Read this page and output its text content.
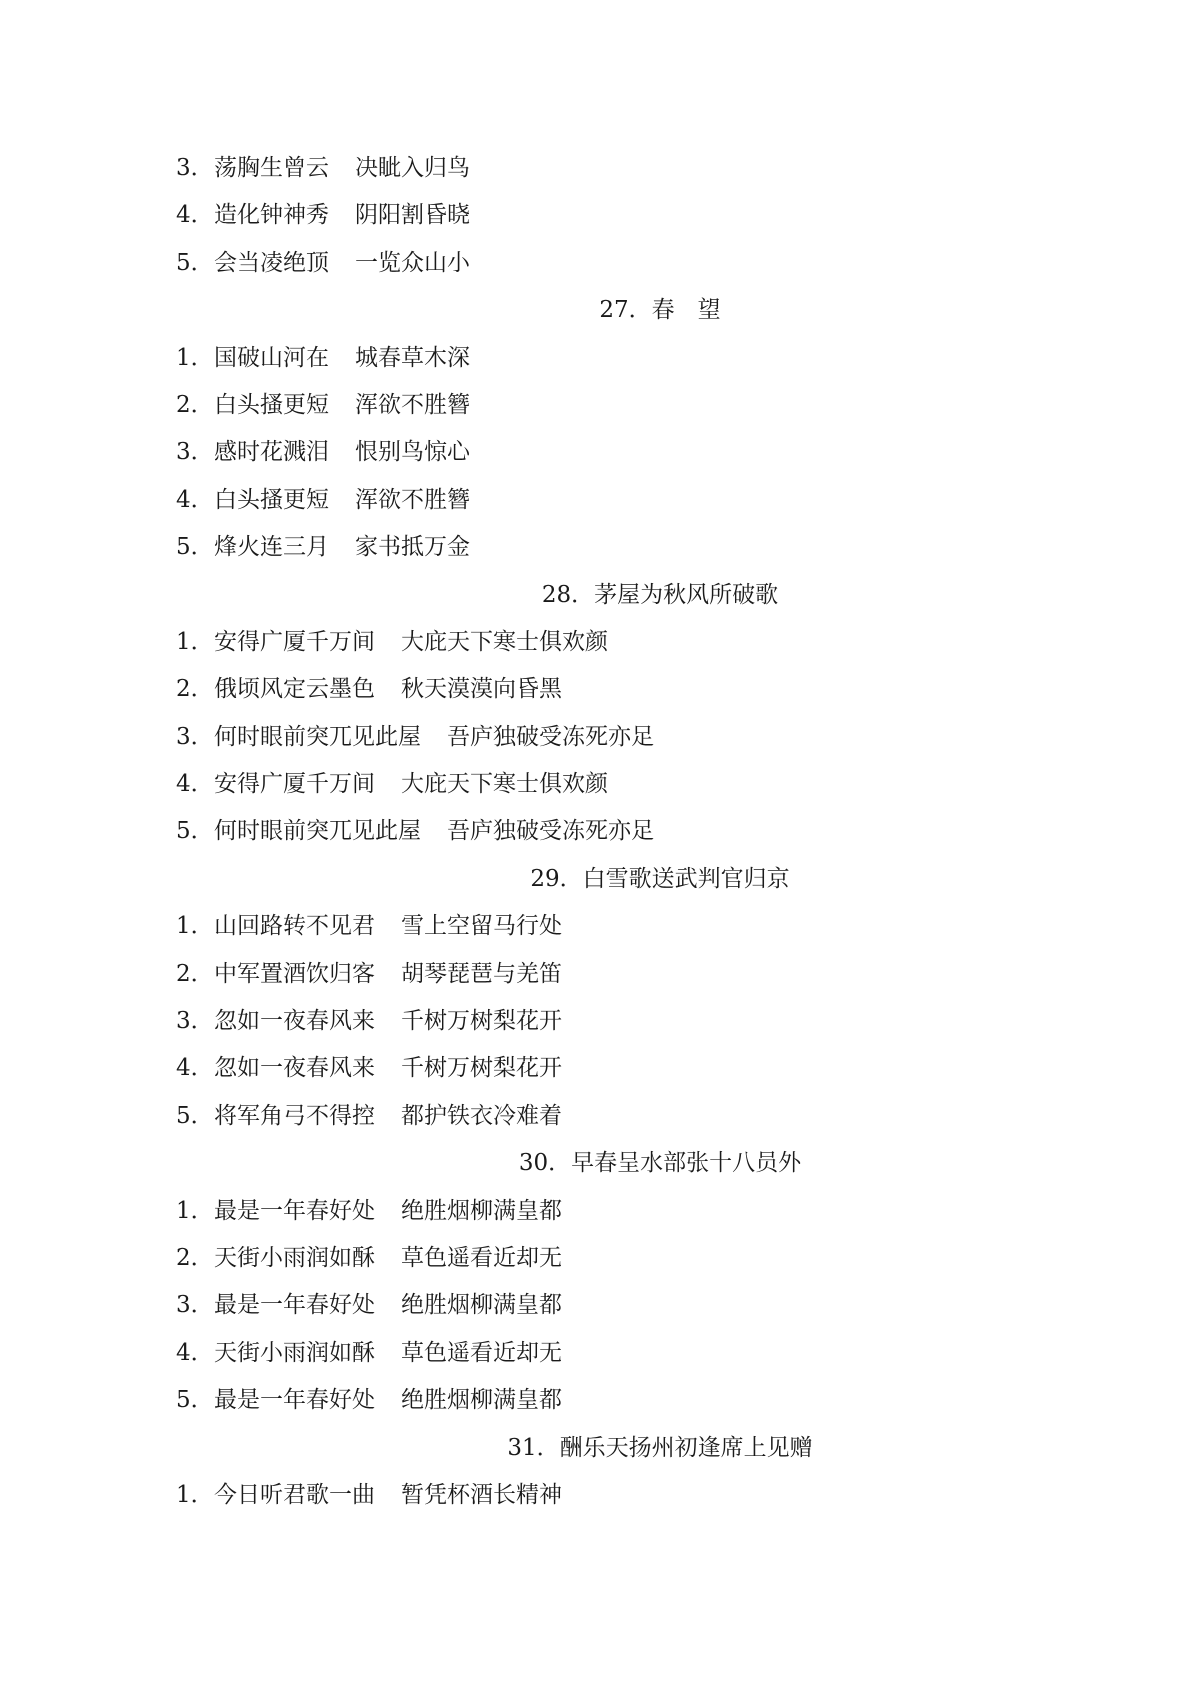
3．荡胸生曾云 决眦入归鸟
4．造化钟神秀 阴阳割昏晓
5．会当凌绝顶 一览众山小
27．春　望
1．国破山河在 城春草木深
2．白头搔更短 浑欲不胜簪
3．感时花溅泪 恨别鸟惊心
4．白头搔更短 浑欲不胜簪
5．烽火连三月 家书抵万金
28．茅屋为秋风所破歌
1．安得广厦千万间 大庇天下寒士俱欢颜
2．俄顷风定云墨色 秋天漠漠向昏黑
3．何时眼前突兀见此屋 吾庐独破受冻死亦足
4．安得广厦千万间 大庇天下寒士俱欢颜
5．何时眼前突兀见此屋 吾庐独破受冻死亦足
29．白雪歌送武判官归京
1．山回路转不见君 雪上空留马行处
2．中军置酒饮归客 胡琴琵琶与羌笛
3．忽如一夜春风来 千树万树梨花开
4．忽如一夜春风来 千树万树梨花开
5．将军角弓不得控 都护铁衣冷难着
30．早春呈水部张十八员外
1．最是一年春好处 绝胜烟柳满皇都
2．天街小雨润如酥 草色遥看近却无
3．最是一年春好处 绝胜烟柳满皇都
4．天街小雨润如酥 草色遥看近却无
5．最是一年春好处 绝胜烟柳满皇都
31．酬乐天扬州初逢席上见赠
1．今日听君歌一曲 暂凭杯酒长精神
